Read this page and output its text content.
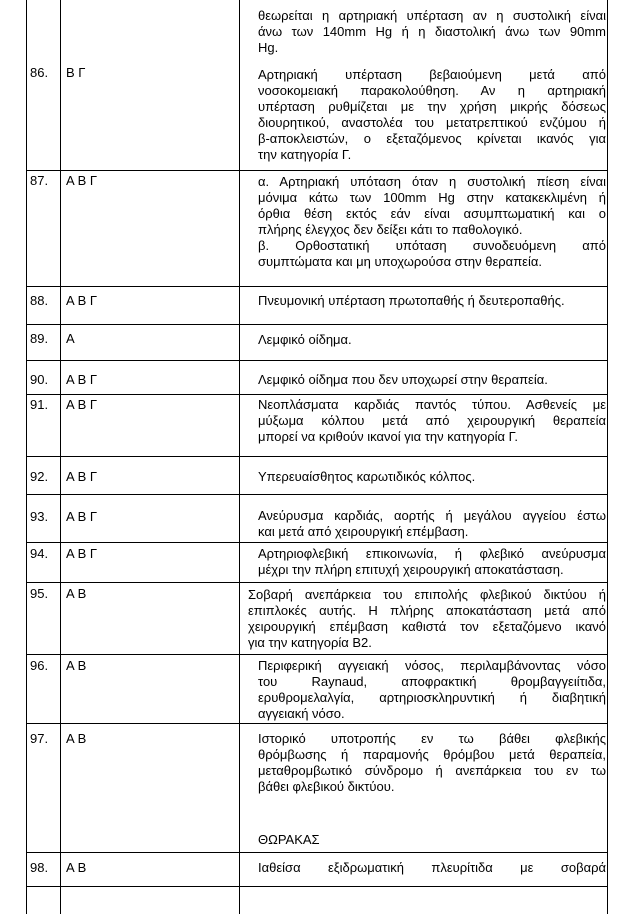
θεωρείται η αρτηριακή υπέρταση αν η συστολική είναι
άνω των 140mm Hg ή η διαστολική άνω των 90mm
Hg.
86. Β Γ	Αρτηριακή υπέρταση βεβαιούμενη μετά από
νοσοκομειακή παρακολούθηση. Αν η αρτηριακή
υπέρταση ρυθμίζεται με την χρήση μικρής δόσεως
διουρητικού, αναστολέα του μετατρεπτικού ενζύμου ή
β-αποκλειστών, ο εξεταζόμενος κρίνεται ικανός για
την κατηγορία Γ.
87. Α Β Γ	α. Αρτηριακή υπόταση όταν η συστολική πίεση είναι
μόνιμα κάτω των 100mm Hg στην κατακεκλιμένη ή
όρθια θέση εκτός εάν είναι ασυμπτωματική και ο
πλήρης έλεγχος δεν δείξει κάτι το παθολογικό.
β. Ορθοστατική υπόταση συνοδευόμενη από
συμπτώματα και μη υποχωρούσα στην θεραπεία.
88. Α Β Γ	Πνευμονική υπέρταση πρωτοπαθής ή δευτεροπαθής.
89. Α	Λεμφικό οίδημα.
90. Α Β Γ	Λεμφικό οίδημα που δεν υποχωρεί στην θεραπεία.
91. Α Β Γ	Νεοπλάσματα καρδιάς παντός τύπου. Ασθενείς με
μύξωμα κόλπου μετά από χειρουργική θεραπεία
μπορεί να κριθούν ικανοί για την κατηγορία Γ.
92. Α Β Γ	Υπερευαίσθητος καρωτιδικός κόλπος.
93. Α Β Γ	Ανεύρυσμα καρδιάς, αορτής ή μεγάλου αγγείου έστω
και μετά από χειρουργική επέμβαση.
94. Α Β Γ	Αρτηριοφλεβική επικοινωνία, ή φλεβικό ανεύρυσμα
μέχρι την πλήρη επιτυχή χειρουργική αποκατάσταση.
95. Α Β	Σοβαρή ανεπάρκεια του επιπολής φλεβικού δικτύου ή
επιπλοκές αυτής. Η πλήρης αποκατάσταση μετά από
χειρουργική επέμβαση καθιστά τον εξεταζόμενο ικανό
για την κατηγορία Β2.
96. Α Β	Περιφερική αγγειακή νόσος, περιλαμβάνοντας νόσο
του Raynaud, αποφρακτική θρομβαγγειίτιδα,
ερυθρομελαλγία, αρτηριοσκληρυντική ή διαβητική
αγγειακή νόσο.
97. Α Β	Ιστορικό υποτροπής εν τω βάθει φλεβικής
θρόμβωσης ή παραμονής θρόμβου μετά θεραπεία,
μεταθρομβωτικό σύνδρομο ή ανεπάρκεια του εν τω
βάθει φλεβικού δικτύου.
ΘΩΡΑΚΑΣ
98. Α Β	Ιαθείσα εξιδρωματική πλευρίτιδα με σοβαρά
